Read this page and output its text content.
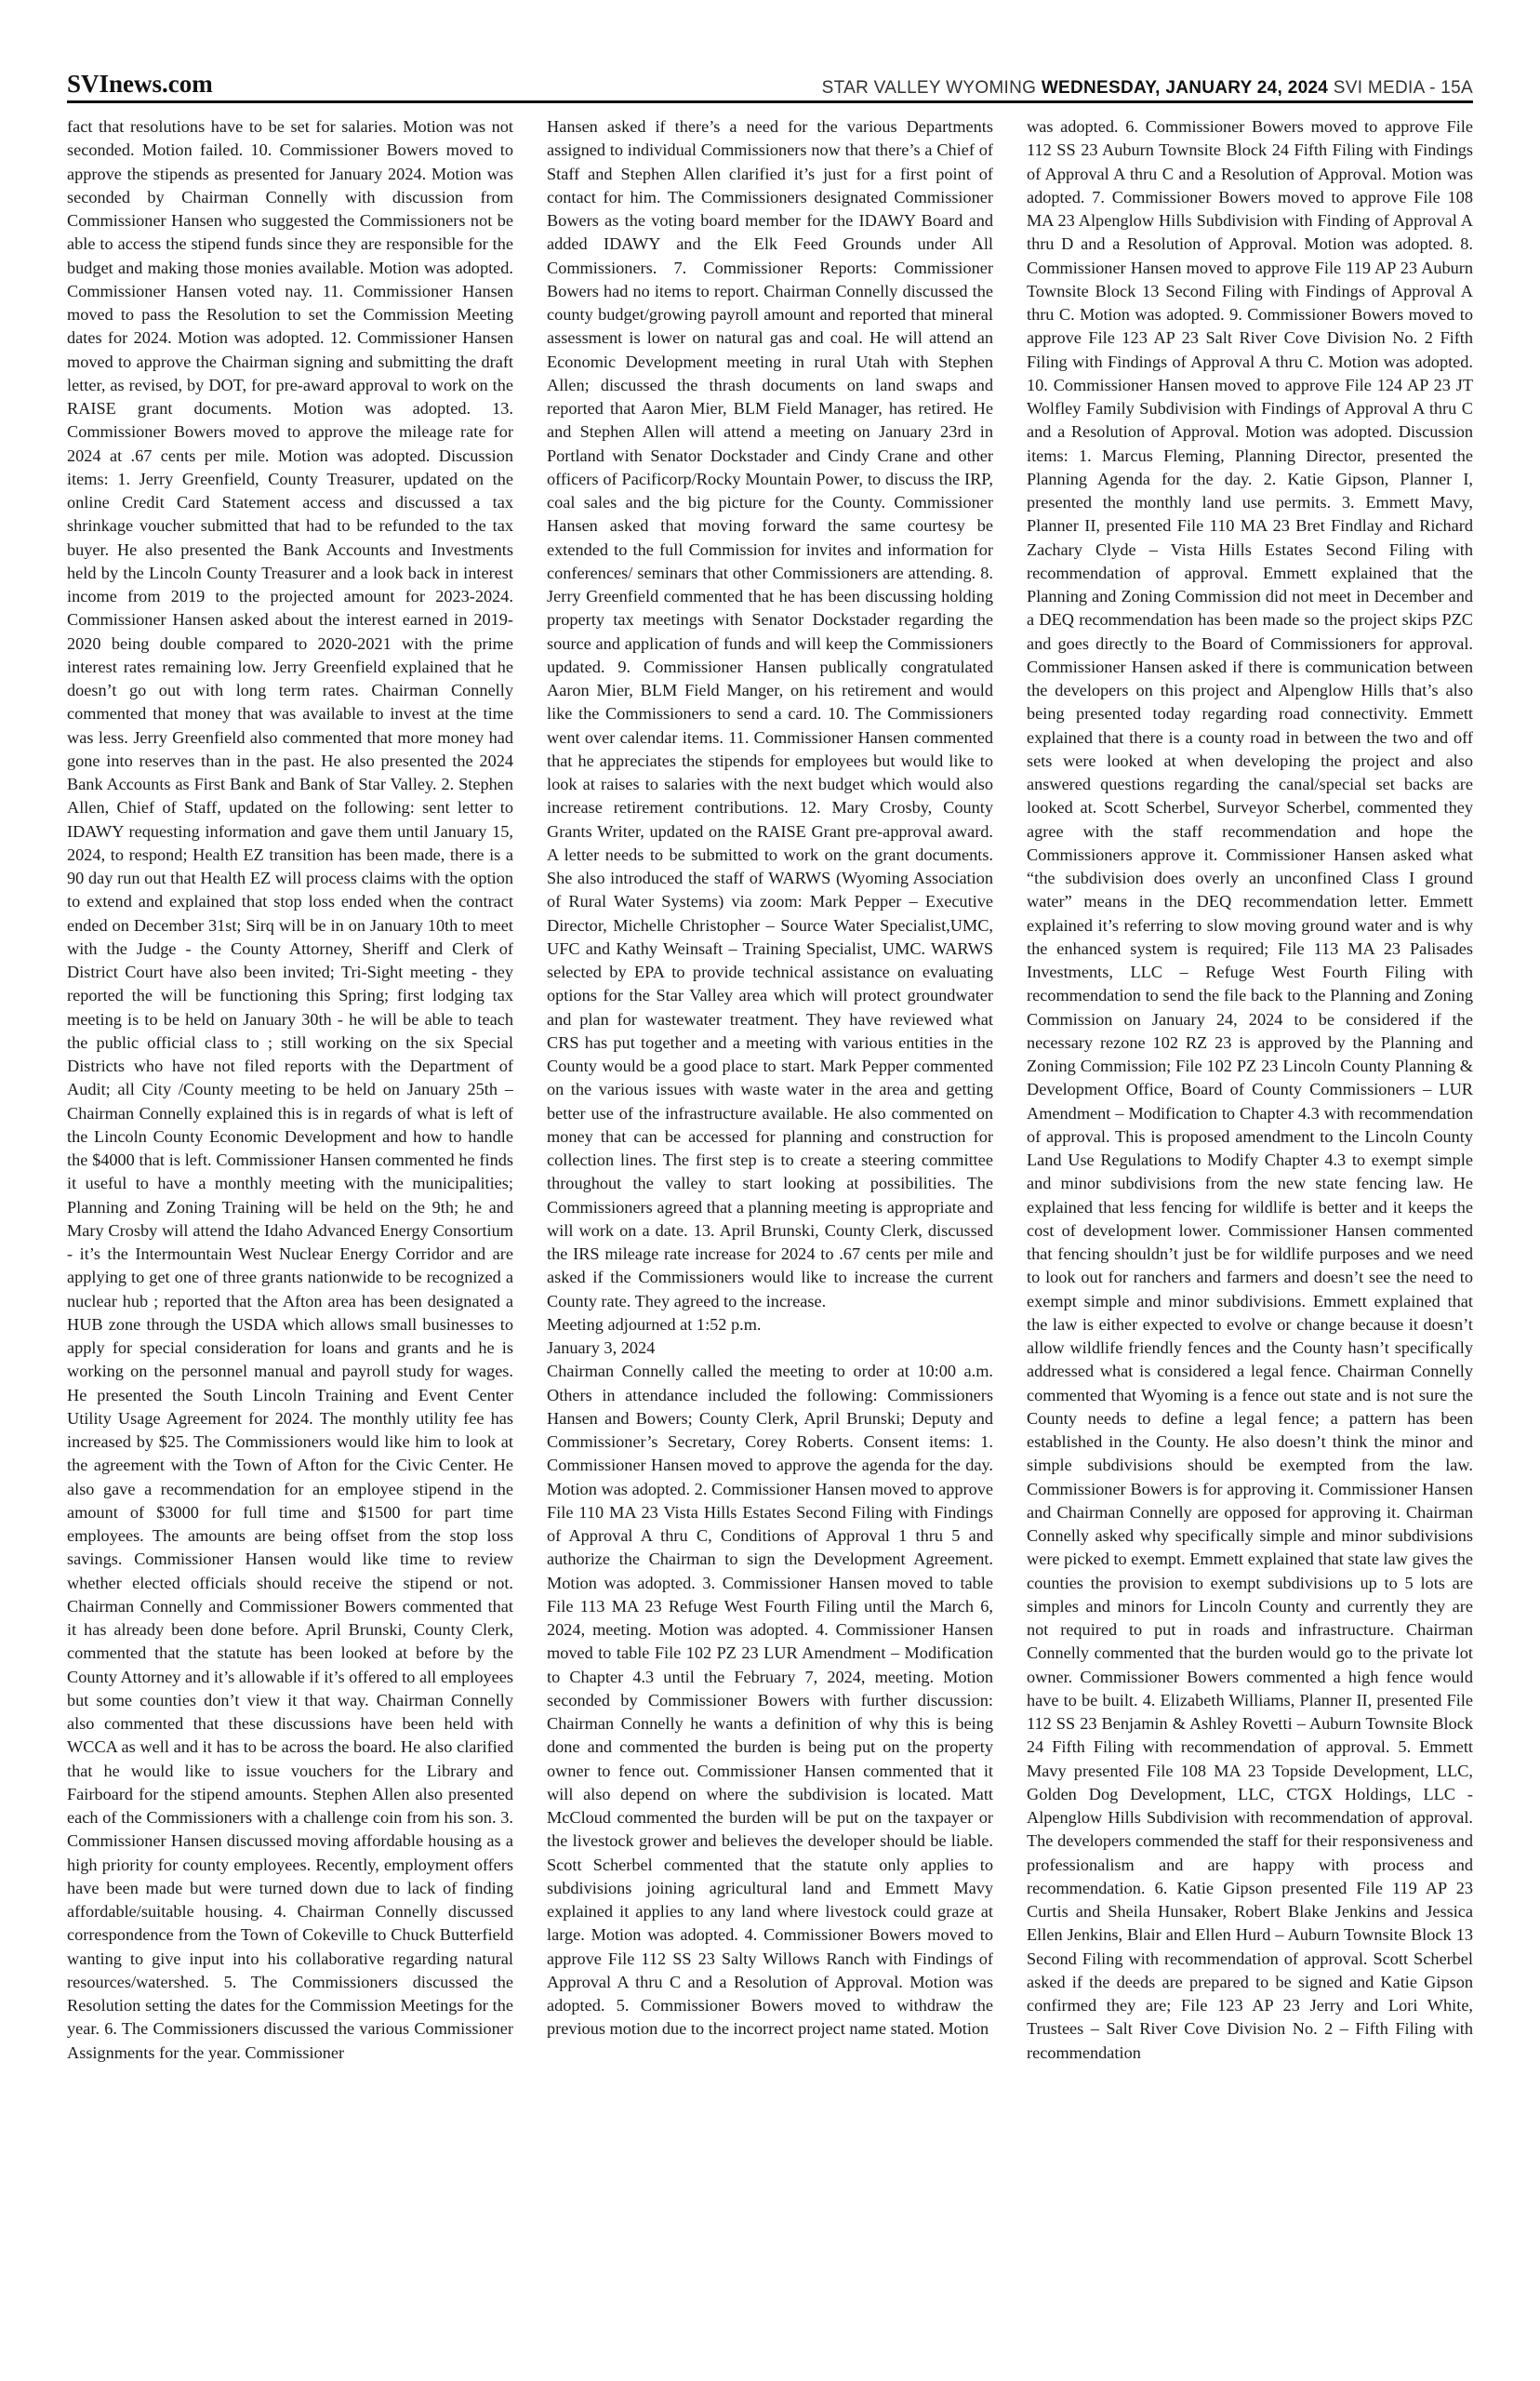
SVInews.com	STAR VALLEY WYOMING WEDNESDAY, JANUARY 24, 2024 SVI MEDIA - 15A

fact that resolutions have to be set for salaries. Motion was not seconded. Motion failed. 10. Commissioner Bowers moved to approve the stipends as presented for January 2024. Motion was seconded by Chairman Connelly with discussion from Commissioner Hansen who suggested the Commissioners not be able to access the stipend funds since they are responsible for the budget and making those monies available. Motion was adopted. Commissioner Hansen voted nay. 11. Commissioner Hansen moved to pass the Resolution to set the Commission Meeting dates for 2024. Motion was adopted. 12. Commissioner Hansen moved to approve the Chairman signing and submitting the draft letter, as revised, by DOT, for pre-award approval to work on the RAISE grant documents. Motion was adopted. 13. Commissioner Bowers moved to approve the mileage rate for 2024 at .67 cents per mile. Motion was adopted. Discussion items: 1. Jerry Greenfield, County Treasurer, updated on the online Credit Card Statement access and discussed a tax shrinkage voucher submitted that had to be refunded to the tax buyer. He also presented the Bank Accounts and Investments held by the Lincoln County Treasurer and a look back in interest income from 2019 to the projected amount for 2023-2024. Commissioner Hansen asked about the interest earned in 2019-2020 being double compared to 2020-2021 with the prime interest rates remaining low. Jerry Greenfield explained that he doesn’t go out with long term rates. Chairman Connelly commented that money that was available to invest at the time was less. Jerry Greenfield also commented that more money had gone into reserves than in the past. He also presented the 2024 Bank Accounts as First Bank and Bank of Star Valley. 2. Stephen Allen, Chief of Staff, updated on the following: sent letter to IDAWY requesting information and gave them until January 15, 2024, to respond; Health EZ transition has been made, there is a 90 day run out that Health EZ will process claims with the option to extend and explained that stop loss ended when the contract ended on December 31st; Sirq will be in on January 10th to meet with the Judge - the County Attorney, Sheriff and Clerk of District Court have also been invited; Tri-Sight meeting - they reported the will be functioning this Spring; first lodging tax meeting is to be held on January 30th - he will be able to teach the public official class to ; still working on the six Special Districts who have not filed reports with the Department of Audit; all City /County meeting to be held on January 25th – Chairman Connelly explained this is in regards of what is left of the Lincoln County Economic Development and how to handle the $4000 that is left. Commissioner Hansen commented he finds it useful to have a monthly meeting with the municipalities; Planning and Zoning Training will be held on the 9th; he and Mary Crosby will attend the Idaho Advanced Energy Consortium - it’s the Intermountain West Nuclear Energy Corridor and are applying to get one of three grants nationwide to be recognized a nuclear hub ; reported that the Afton area has been designated a HUB zone through the USDA which allows small businesses to apply for special consideration for loans and grants and he is working on the personnel manual and payroll study for wages. He presented the South Lincoln Training and Event Center Utility Usage Agreement for 2024. The monthly utility fee has increased by $25. The Commissioners would like him to look at the agreement with the Town of Afton for the Civic Center. He also gave a recommendation for an employee stipend in the amount of $3000 for full time and $1500 for part time employees. The amounts are being offset from the stop loss savings. Commissioner Hansen would like time to review whether elected officials should receive the stipend or not. Chairman Connelly and Commissioner Bowers commented that it has already been done before. April Brunski, County Clerk, commented that the statute has been looked at before by the County Attorney and it’s allowable if it’s offered to all employees but some counties don’t view it that way. Chairman Connelly also commented that these discussions have been held with WCCA as well and it has to be across the board. He also clarified that he would like to issue vouchers for the Library and Fairboard for the stipend amounts. Stephen Allen also presented each of the Commissioners with a challenge coin from his son. 3. Commissioner Hansen discussed moving affordable housing as a high priority for county employees. Recently, employment offers have been made but were turned down due to lack of finding affordable/suitable housing. 4. Chairman Connelly discussed correspondence from the Town of Cokeville to Chuck Butterfield wanting to give input into his collaborative regarding natural resources/watershed. 5. The Commissioners discussed the Resolution setting the dates for the Commission Meetings for the year. 6. The Commissioners discussed the various Commissioner Assignments for the year. Commissioner

Hansen asked if there’s a need for the various Departments assigned to individual Commissioners now that there’s a Chief of Staff and Stephen Allen clarified it’s just for a first point of contact for him. The Commissioners designated Commissioner Bowers as the voting board member for the IDAWY Board and added IDAWY and the Elk Feed Grounds under All Commissioners. 7. Commissioner Reports: Commissioner Bowers had no items to report. Chairman Connelly discussed the county budget/growing payroll amount and reported that mineral assessment is lower on natural gas and coal. He will attend an Economic Development meeting in rural Utah with Stephen Allen; discussed the thrash documents on land swaps and reported that Aaron Mier, BLM Field Manager, has retired. He and Stephen Allen will attend a meeting on January 23rd in Portland with Senator Dockstader and Cindy Crane and other officers of Pacificorp/Rocky Mountain Power, to discuss the IRP, coal sales and the big picture for the County. Commissioner Hansen asked that moving forward the same courtesy be extended to the full Commission for invites and information for conferences/ seminars that other Commissioners are attending. 8. Jerry Greenfield commented that he has been discussing holding property tax meetings with Senator Dockstader regarding the source and application of funds and will keep the Commissioners updated. 9. Commissioner Hansen publically congratulated Aaron Mier, BLM Field Manger, on his retirement and would like the Commissioners to send a card. 10. The Commissioners went over calendar items. 11. Commissioner Hansen commented that he appreciates the stipends for employees but would like to look at raises to salaries with the next budget which would also increase retirement contributions. 12. Mary Crosby, County Grants Writer, updated on the RAISE Grant pre-approval award. A letter needs to be submitted to work on the grant documents. She also introduced the staff of WARWS (Wyoming Association of Rural Water Systems) via zoom: Mark Pepper – Executive Director, Michelle Christopher – Source Water Specialist,UMC, UFC and Kathy Weinsaft – Training Specialist, UMC. WARWS selected by EPA to provide technical assistance on evaluating options for the Star Valley area which will protect groundwater and plan for wastewater treatment. They have reviewed what CRS has put together and a meeting with various entities in the County would be a good place to start. Mark Pepper commented on the various issues with waste water in the area and getting better use of the infrastructure available. He also commented on money that can be accessed for planning and construction for collection lines. The first step is to create a steering committee throughout the valley to start looking at possibilities. The Commissioners agreed that a planning meeting is appropriate and will work on a date. 13. April Brunski, County Clerk, discussed the IRS mileage rate increase for 2024 to .67 cents per mile and asked if the Commissioners would like to increase the current County rate. They agreed to the increase.

Meeting adjourned at 1:52 p.m.

January 3, 2024

Chairman Connelly called the meeting to order at 10:00 a.m. Others in attendance included the following: Commissioners Hansen and Bowers; County Clerk, April Brunski; Deputy and Commissioner’s Secretary, Corey Roberts. Consent items: 1. Commissioner Hansen moved to approve the agenda for the day. Motion was adopted. 2. Commissioner Hansen moved to approve File 110 MA 23 Vista Hills Estates Second Filing with Findings of Approval A thru C, Conditions of Approval 1 thru 5 and authorize the Chairman to sign the Development Agreement. Motion was adopted. 3. Commissioner Hansen moved to table File 113 MA 23 Refuge West Fourth Filing until the March 6, 2024, meeting. Motion was adopted. 4. Commissioner Hansen moved to table File 102 PZ 23 LUR Amendment – Modification to Chapter 4.3 until the February 7, 2024, meeting. Motion seconded by Commissioner Bowers with further discussion: Chairman Connelly he wants a definition of why this is being done and commented the burden is being put on the property owner to fence out. Commissioner Hansen commented that it will also depend on where the subdivision is located. Matt McCloud commented the burden will be put on the taxpayer or the livestock grower and believes the developer should be liable. Scott Scherbel commented that the statute only applies to subdivisions joining agricultural land and Emmett Mavy explained it applies to any land where livestock could graze at large. Motion was adopted. 4. Commissioner Bowers moved to approve File 112 SS 23 Salty Willows Ranch with Findings of Approval A thru C and a Resolution of Approval. Motion was adopted. 5. Commissioner Bowers moved to withdraw the previous motion due to the incorrect project name stated. Motion

was adopted. 6. Commissioner Bowers moved to approve File 112 SS 23 Auburn Townsite Block 24 Fifth Filing with Findings of Approval A thru C and a Resolution of Approval. Motion was adopted. 7. Commissioner Bowers moved to approve File 108 MA 23 Alpenglow Hills Subdivision with Finding of Approval A thru D and a Resolution of Approval. Motion was adopted. 8. Commissioner Hansen moved to approve File 119 AP 23 Auburn Townsite Block 13 Second Filing with Findings of Approval A thru C. Motion was adopted. 9. Commissioner Bowers moved to approve File 123 AP 23 Salt River Cove Division No. 2 Fifth Filing with Findings of Approval A thru C. Motion was adopted. 10. Commissioner Hansen moved to approve File 124 AP 23 JT Wolfley Family Subdivision with Findings of Approval A thru C and a Resolution of Approval. Motion was adopted. Discussion items: 1. Marcus Fleming, Planning Director, presented the Planning Agenda for the day. 2. Katie Gipson, Planner I, presented the monthly land use permits. 3. Emmett Mavy, Planner II, presented File 110 MA 23 Bret Findlay and Richard Zachary Clyde – Vista Hills Estates Second Filing with recommendation of approval. Emmett explained that the Planning and Zoning Commission did not meet in December and a DEQ recommendation has been made so the project skips PZC and goes directly to the Board of Commissioners for approval. Commissioner Hansen asked if there is communication between the developers on this project and Alpenglow Hills that’s also being presented today regarding road connectivity. Emmett explained that there is a county road in between the two and off sets were looked at when developing the project and also answered questions regarding the canal/special set backs are looked at. Scott Scherbel, Surveyor Scherbel, commented they agree with the staff recommendation and hope the Commissioners approve it. Commissioner Hansen asked what “the subdivision does overly an unconfined Class I ground water” means in the DEQ recommendation letter. Emmett explained it’s referring to slow moving ground water and is why the enhanced system is required; File 113 MA 23 Palisades Investments, LLC – Refuge West Fourth Filing with recommendation to send the file back to the Planning and Zoning Commission on January 24, 2024 to be considered if the necessary rezone 102 RZ 23 is approved by the Planning and Zoning Commission; File 102 PZ 23 Lincoln County Planning & Development Office, Board of County Commissioners – LUR Amendment – Modification to Chapter 4.3 with recommendation of approval. This is proposed amendment to the Lincoln County Land Use Regulations to Modify Chapter 4.3 to exempt simple and minor subdivisions from the new state fencing law. He explained that less fencing for wildlife is better and it keeps the cost of development lower. Commissioner Hansen commented that fencing shouldn’t just be for wildlife purposes and we need to look out for ranchers and farmers and doesn’t see the need to exempt simple and minor subdivisions. Emmett explained that the law is either expected to evolve or change because it doesn’t allow wildlife friendly fences and the County hasn’t specifically addressed what is considered a legal fence. Chairman Connelly commented that Wyoming is a fence out state and is not sure the County needs to define a legal fence; a pattern has been established in the County. He also doesn’t think the minor and simple subdivisions should be exempted from the law. Commissioner Bowers is for approving it. Commissioner Hansen and Chairman Connelly are opposed for approving it. Chairman Connelly asked why specifically simple and minor subdivisions were picked to exempt. Emmett explained that state law gives the counties the provision to exempt subdivisions up to 5 lots are simples and minors for Lincoln County and currently they are not required to put in roads and infrastructure. Chairman Connelly commented that the burden would go to the private lot owner. Commissioner Bowers commented a high fence would have to be built. 4. Elizabeth Williams, Planner II, presented File 112 SS 23 Benjamin & Ashley Rovetti – Auburn Townsite Block 24 Fifth Filing with recommendation of approval. 5. Emmett Mavy presented File 108 MA 23 Topside Development, LLC, Golden Dog Development, LLC, CTGX Holdings, LLC - Alpenglow Hills Subdivision with recommendation of approval. The developers commended the staff for their responsiveness and professionalism and are happy with process and recommendation. 6. Katie Gipson presented File 119 AP 23 Curtis and Sheila Hunsaker, Robert Blake Jenkins and Jessica Ellen Jenkins, Blair and Ellen Hurd – Auburn Townsite Block 13 Second Filing with recommendation of approval. Scott Scherbel asked if the deeds are prepared to be signed and Katie Gipson confirmed they are; File 123 AP 23 Jerry and Lori White, Trustees – Salt River Cove Division No. 2 – Fifth Filing with recommendation
